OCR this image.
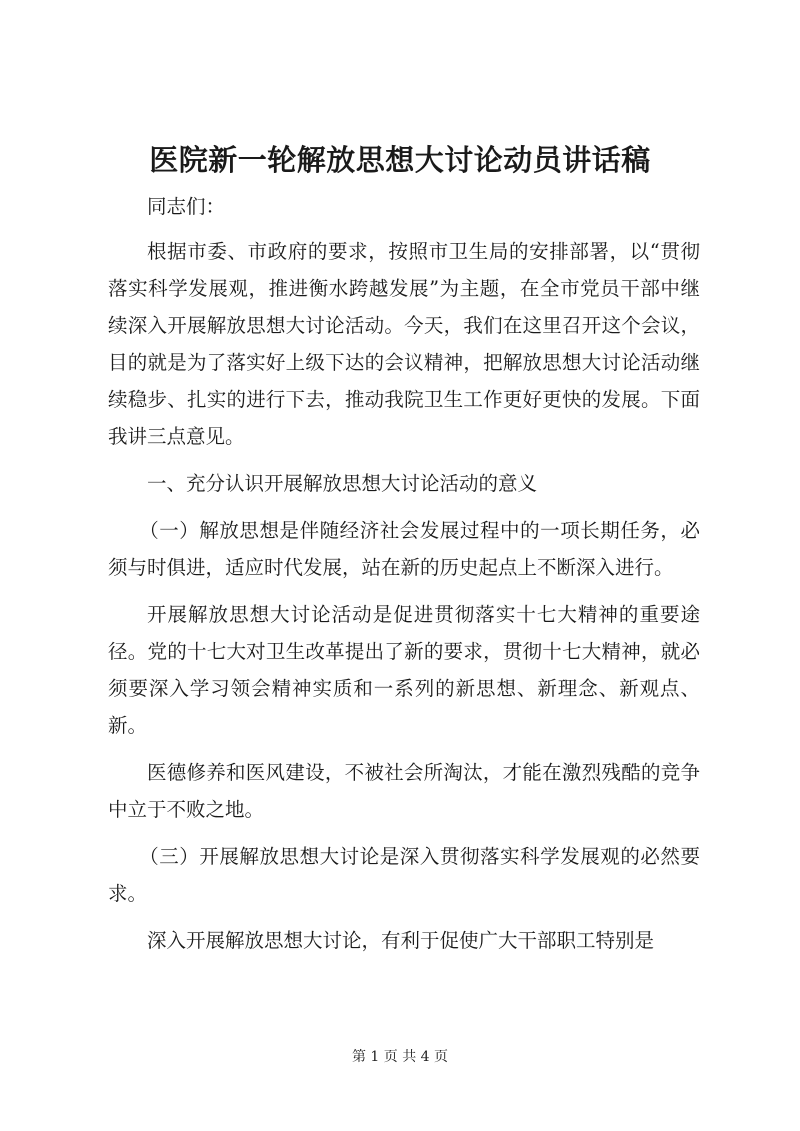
医院新一轮解放思想大讨论动员讲话稿

同志们：

根据市委、市政府的要求，按照市卫生局的安排部署，以“贯彻落实科学发展观，推进衡水跨越发展”为主题，在全市党员干部中继续深入开展解放思想大讨论活动。今天，我们在这里召开这个会议，目的就是为了落实好上级下达的会议精神，把解放思想大讨论活动继续稳步、扎实的进行下去，推动我院卫生工作更好更快的发展。下面我讲三点意见。

一、充分认识开展解放思想大讨论活动的意义

（一）解放思想是伴随经济社会发展过程中的一项长期任务，必须与时俱进，适应时代发展，站在新的历史起点上不断深入进行。

开展解放思想大讨论活动是促进贯彻落实十七大精神的重要途径。党的十七大对卫生改革提出了新的要求，贯彻十七大精神，就必须要深入学习领会精神实质和一系列的新思想、新理念、新观点、新。

医德修养和医风建设，不被社会所淘汰，才能在激烈残酷的竞争中立于不败之地。

（三）开展解放思想大讨论是深入贯彻落实科学发展观的必然要求。

深入开展解放思想大讨论，有利于促使广大干部职工特别是

第 1 页 共 4 页
